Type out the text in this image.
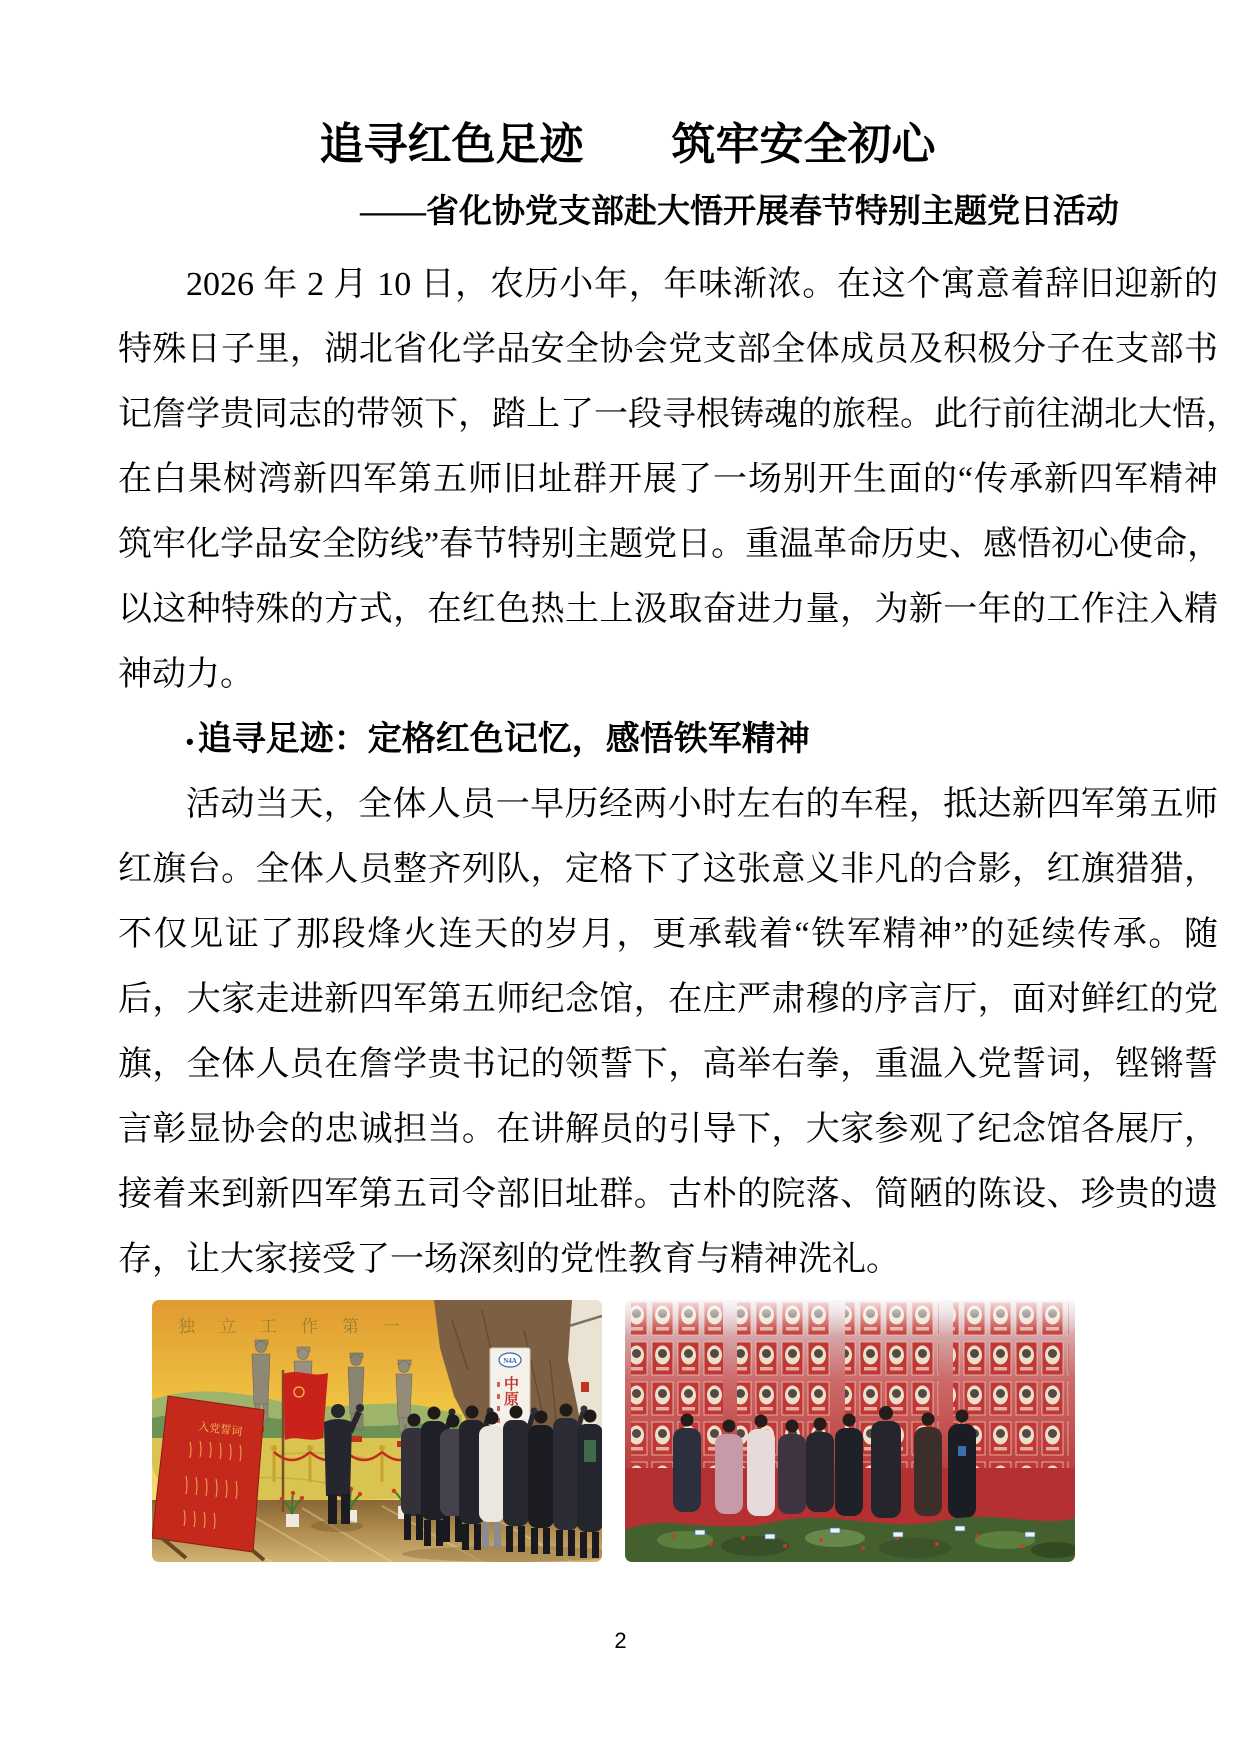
追寻红色足迹　　筑牢安全初心
——省化协党支部赴大悟开展春节特别主题党日活动
2026 年 2 月 10 日，农历小年，年味渐浓。在这个寓意着辞旧迎新的
特殊日子里，湖北省化学品安全协会党支部全体成员及积极分子在支部书
记詹学贵同志的带领下，踏上了一段寻根铸魂的旅程。此行前往湖北大悟，
在白果树湾新四军第五师旧址群开展了一场别开生面的“传承新四军精神
筑牢化学品安全防线”春节特别主题党日。重温革命历史、感悟初心使命，
以这种特殊的方式，在红色热土上汲取奋进力量，为新一年的工作注入精
神动力。
• 追寻足迹：定格红色记忆，感悟铁军精神
活动当天，全体人员一早历经两小时左右的车程，抵达新四军第五师
红旗台。全体人员整齐列队，定格下了这张意义非凡的合影，红旗猎猎，
不仅见证了那段烽火连天的岁月，更承载着“铁军精神”的延续传承。随
后，大家走进新四军第五师纪念馆，在庄严肃穆的序言厅，面对鲜红的党
旗，全体人员在詹学贵书记的领誓下，高举右拳，重温入党誓词，铿锵誓
言彰显协会的忠诚担当。在讲解员的引导下，大家参观了纪念馆各展厅，
接着来到新四军第五司令部旧址群。古朴的院落、简陋的陈设、珍贵的遗
存，让大家接受了一场深刻的党性教育与精神洗礼。
独立工作第一
N4A
中原
入党誓词
2
